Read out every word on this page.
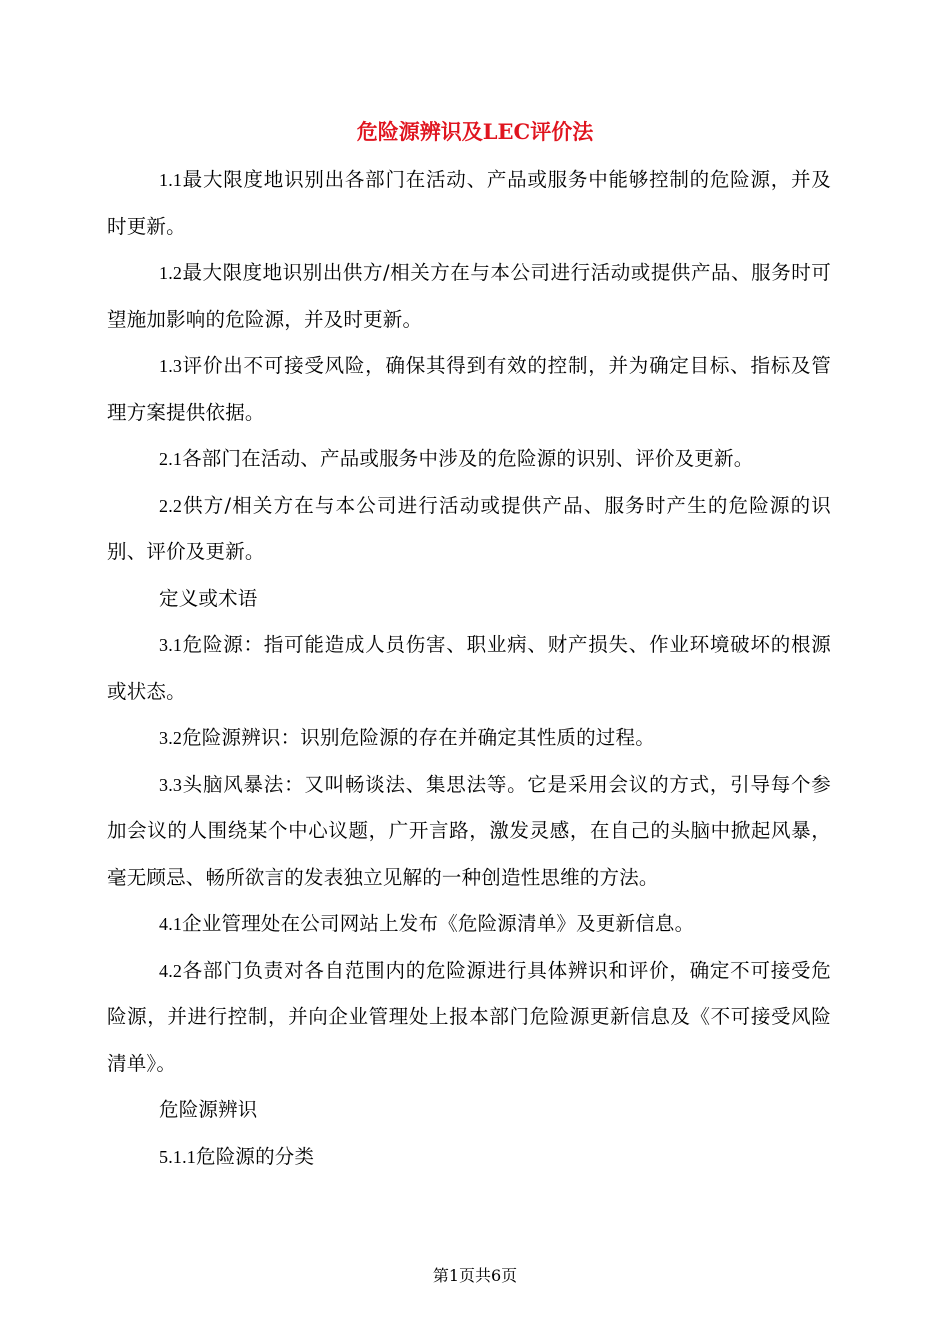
危险源辨识及LEC评价法

1.1最大限度地识别出各部门在活动、产品或服务中能够控制的危险源，并及时更新。

1.2最大限度地识别出供方/相关方在与本公司进行活动或提供产品、服务时可望施加影响的危险源，并及时更新。

1.3评价出不可接受风险，确保其得到有效的控制，并为确定目标、指标及管理方案提供依据。

2.1各部门在活动、产品或服务中涉及的危险源的识别、评价及更新。

2.2供方/相关方在与本公司进行活动或提供产品、服务时产生的危险源的识别、评价及更新。

定义或术语

3.1危险源：指可能造成人员伤害、职业病、财产损失、作业环境破坏的根源或状态。

3.2危险源辨识：识别危险源的存在并确定其性质的过程。

3.3头脑风暴法：又叫畅谈法、集思法等。它是采用会议的方式，引导每个参加会议的人围绕某个中心议题，广开言路，激发灵感，在自己的头脑中掀起风暴，毫无顾忌、畅所欲言的发表独立见解的一种创造性思维的方法。

4.1企业管理处在公司网站上发布《危险源清单》及更新信息。

4.2各部门负责对各自范围内的危险源进行具体辨识和评价，确定不可接受危险源，并进行控制，并向企业管理处上报本部门危险源更新信息及《不可接受风险清单》。

危险源辨识

5.1.1危险源的分类

第1页共6页
